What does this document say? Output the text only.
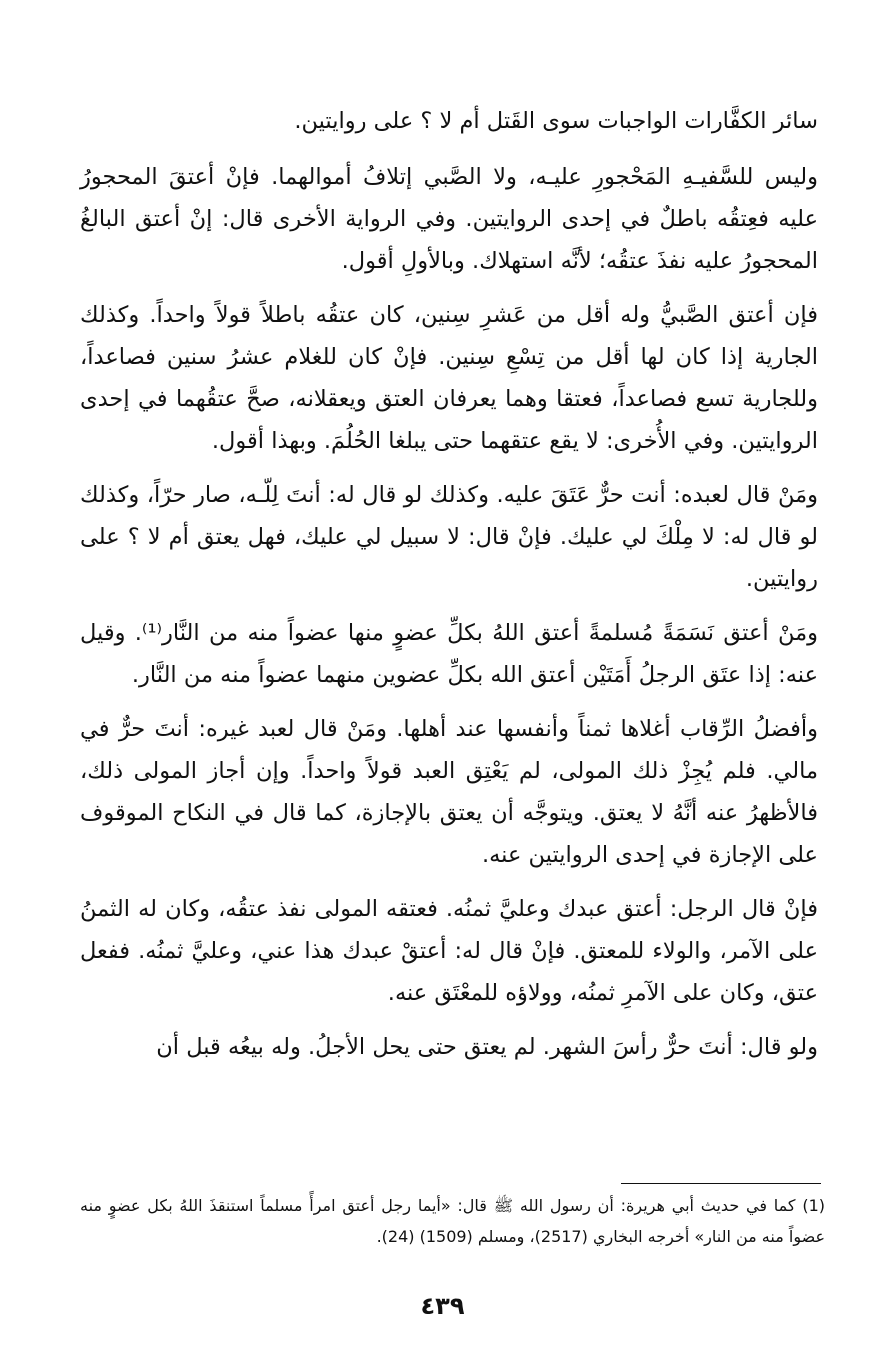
سائر الكفَّارات الواجبات سوى القَتل أم لا ؟ على روايتين.

وليس للسَّفيـهِ المَحْجورِ عليـه، ولا الصَّبي إتلافُ أموالهما. فإنْ أعتقَ المحجورُ عليه فعِتقُه باطلٌ في إحدى الروايتين. وفي الرواية الأخرى قال: إنْ أعتق البالغُ المحجورُ عليه نفذَ عتقُه؛ لأنَّه استهلاك. وبالأولِ أقول.

فإن أعتق الصَّبيُّ وله أقل من عَشرِ سِنين، كان عتقُه باطلاً قولاً واحداً. وكذلك الجارية إذا كان لها أقل من تِسْعِ سِنين. فإنْ كان للغلام عشرُ سنين فصاعداً، وللجارية تسع فصاعداً، فعتقا وهما يعرفان العتق ويعقلانه، صحَّ عتقُهما في إحدى الروايتين. وفي الأُخرى: لا يقع عتقهما حتى يبلغا الحُلُمَ. وبهذا أقول.

ومَنْ قال لعبده: أنت حرٌّ عَتَقَ عليه. وكذلك لو قال له: أنتَ لِلّـه، صار حرّاً، وكذلك لو قال له: لا مِلْكَ لي عليك. فإنْ قال: لا سبيل لي عليك، فهل يعتق أم لا ؟ على روايتين.

ومَنْ أعتق نَسَمَةً مُسلمةً أعتق اللهُ بكلِّ عضوٍ منها عضواً منه من النَّار⁽¹⁾. وقيل عنه: إذا عتَق الرجلُ أَمَتَيْن أعتق الله بكلِّ عضوين منهما عضواً منه من النَّار.

وأفضلُ الرِّقاب أغلاها ثمناً وأنفسها عند أهلها. ومَنْ قال لعبد غيره: أنتَ حرٌّ في مالي. فلم يُجِزْ ذلك المولى، لم يَعْتِق العبد قولاً واحداً. وإن أجاز المولى ذلك، فالأظهرُ عنه أنَّهُ لا يعتق. ويتوجَّه أن يعتق بالإجازة، كما قال في النكاح الموقوف على الإجازة في إحدى الروايتين عنه.

فإنْ قال الرجل: أعتق عبدك وعليَّ ثمنُه. فعتقه المولى نفذ عتقُه، وكان له الثمنُ على الآمر، والولاء للمعتق. فإنْ قال له: أعتقْ عبدك هذا عني، وعليَّ ثمنُه. ففعل عتق، وكان على الآمرِ ثمنُه، وولاؤه للمعْتَق عنه.

ولو قال: أنتَ حرٌّ رأسَ الشهر. لم يعتق حتى يحل الأجلُ. وله بيعُه قبل أن

(1) كما في حديث أبي هريرة: أن رسول الله ﷺ قال: «أيما رجل أعتق امرأً مسلماً استنقذَ اللهُ بكل عضوٍ منه عضواً منه من النار» أخرجه البخاري (2517)، ومسلم (1509) (24).
٤٣٩
